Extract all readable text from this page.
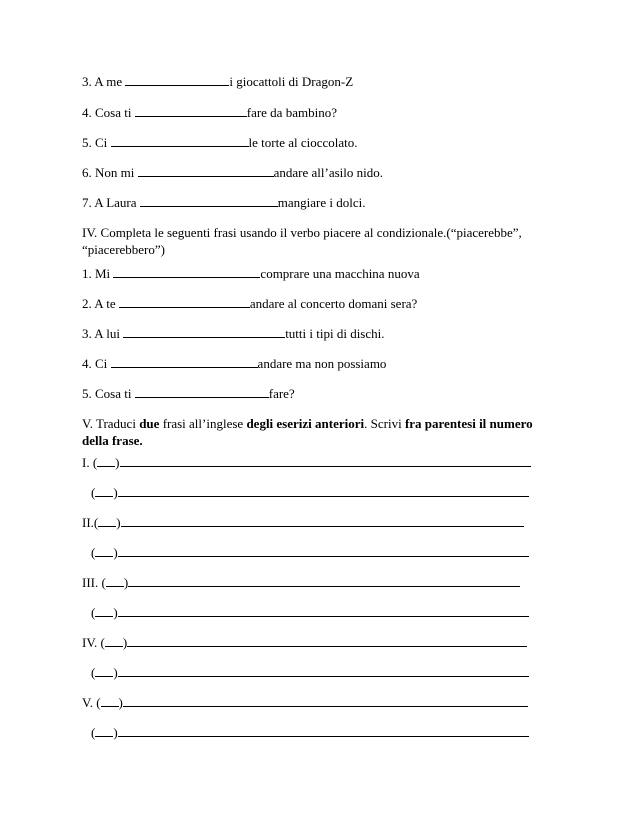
3. A me	i giocattoli di Dragon-Z
4. Cosa ti	fare da bambino?
5. Ci	le torte al cioccolato.
6. Non mi	andare all’asilo nido.
7. A Laura	mangiare i dolci.
IV. Completa le seguenti frasi usando il verbo piacere al condizionale.(“piacerebbe”, “piacerebbero”)
1. Mi	comprare una macchina nuova
2. A te	andare al concerto domani sera?
3. A lui	tutti i tipi di dischi.
4. Ci	andare ma non possiamo
5. Cosa ti	fare?
V. Traduci due frasi all’inglese degli eserizi anteriori. Scrivi fra parentesi il numero della frase.
I. ( )
( )
II.( )
( )
III. ( )
( )
IV. ( )
( )
V. ( )
( )
